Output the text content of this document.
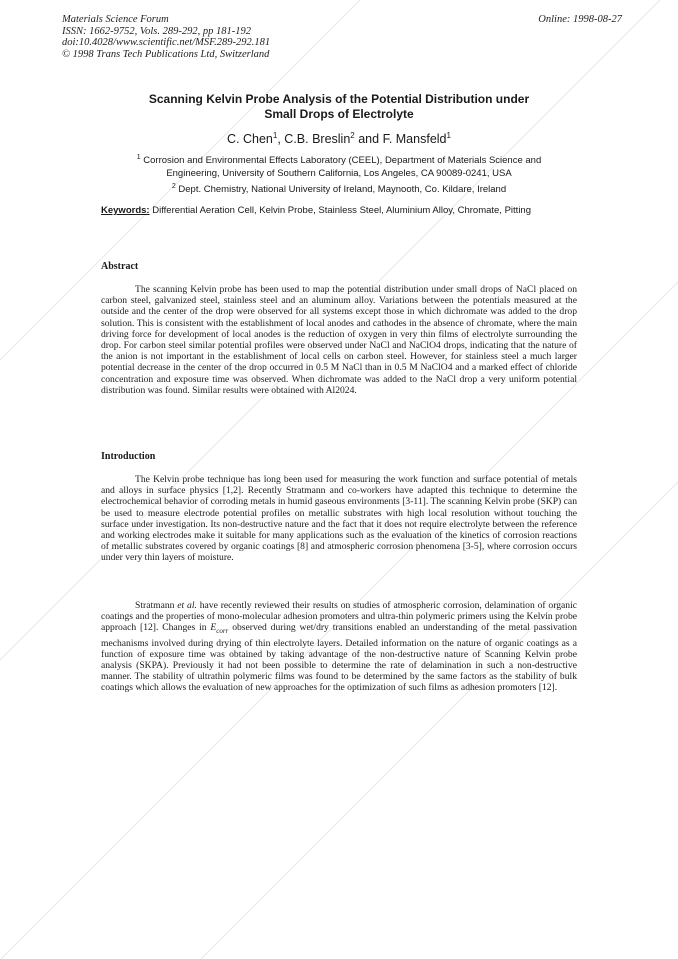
Materials Science Forum
ISSN: 1662-9752, Vols. 289-292, pp 181-192
doi:10.4028/www.scientific.net/MSF.289-292.181
© 1998 Trans Tech Publications Ltd, Switzerland
Online: 1998-08-27
Scanning Kelvin Probe Analysis of the Potential Distribution under
Small Drops of Electrolyte
C. Chen$^1$, C.B. Breslin$^2$ and F. Mansfeld$^1$
$^1$ Corrosion and Environmental Effects Laboratory (CEEL), Department of Materials Science and
Engineering, University of Southern California, Los Angeles, CA 90089-0241, USA
$^2$ Dept. Chemistry, National University of Ireland, Maynooth, Co. Kildare, Ireland
Keywords: Differential Aeration Cell, Kelvin Probe, Stainless Steel, Aluminium Alloy, Chromate, Pitting
Abstract

The scanning Kelvin probe has been used to map the potential distribution under small drops of NaCl placed on carbon steel, galvanized steel, stainless steel and an aluminum alloy. Variations between the potentials measured at the outside and the center of the drop were observed for all systems except those in which dichromate was added to the drop solution. This is consistent with the establishment of local anodes and cathodes in the absence of chromate, where the main driving force for development of local anodes is the reduction of oxygen in very thin films of electrolyte surrounding the drop. For carbon steel similar potential profiles were observed under NaCl and NaClO4 drops, indicating that the nature of the anion is not important in the establishment of local cells on carbon steel. However, for stainless steel a much larger potential decrease in the center of the drop occurred in 0.5 M NaCl than in 0.5 M NaClO4 and a marked effect of chloride concentration and exposure time was observed. When dichromate was added to the NaCl drop a very uniform potential distribution was found. Similar results were obtained with Al2024.

Introduction

The Kelvin probe technique has long been used for measuring the work function and surface potential of metals and alloys in surface physics [1,2]. Recently Stratmann and co-workers have adapted this technique to determine the electrochemical behavior of corroding metals in humid gaseous environments [3-11]. The scanning Kelvin probe (SKP) can be used to measure electrode potential profiles on metallic substrates with high local resolution without touching the surface under investigation. Its non-destructive nature and the fact that it does not require electrolyte between the reference and working electrodes make it suitable for many applications such as the evaluation of the kinetics of corrosion reactions of metallic substrates covered by organic coatings [8] and atmospheric corrosion phenomena [3-5], where corrosion occurs under very thin layers of moisture.

Stratmann et al. have recently reviewed their results on studies of atmospheric corrosion, delamination of organic coatings and the properties of mono-molecular adhesion promoters and ultra-thin polymeric primers using the Kelvin probe approach [12]. Changes in $E_{corr}$ observed during wet/dry transitions enabled an understanding of the metal passivation mechanisms involved during drying of thin electrolyte layers. Detailed information on the nature of organic coatings as a function of exposure time was obtained by taking advantage of the non-destructive nature of Scanning Kelvin probe analysis (SKPA). Previously it had not been possible to determine the rate of delamination in such a non-destructive manner. The stability of ultrathin polymeric films was found to be determined by the same factors as the stability of bulk coatings which allows the evaluation of new approaches for the optimization of such films as adhesion promoters [12].
